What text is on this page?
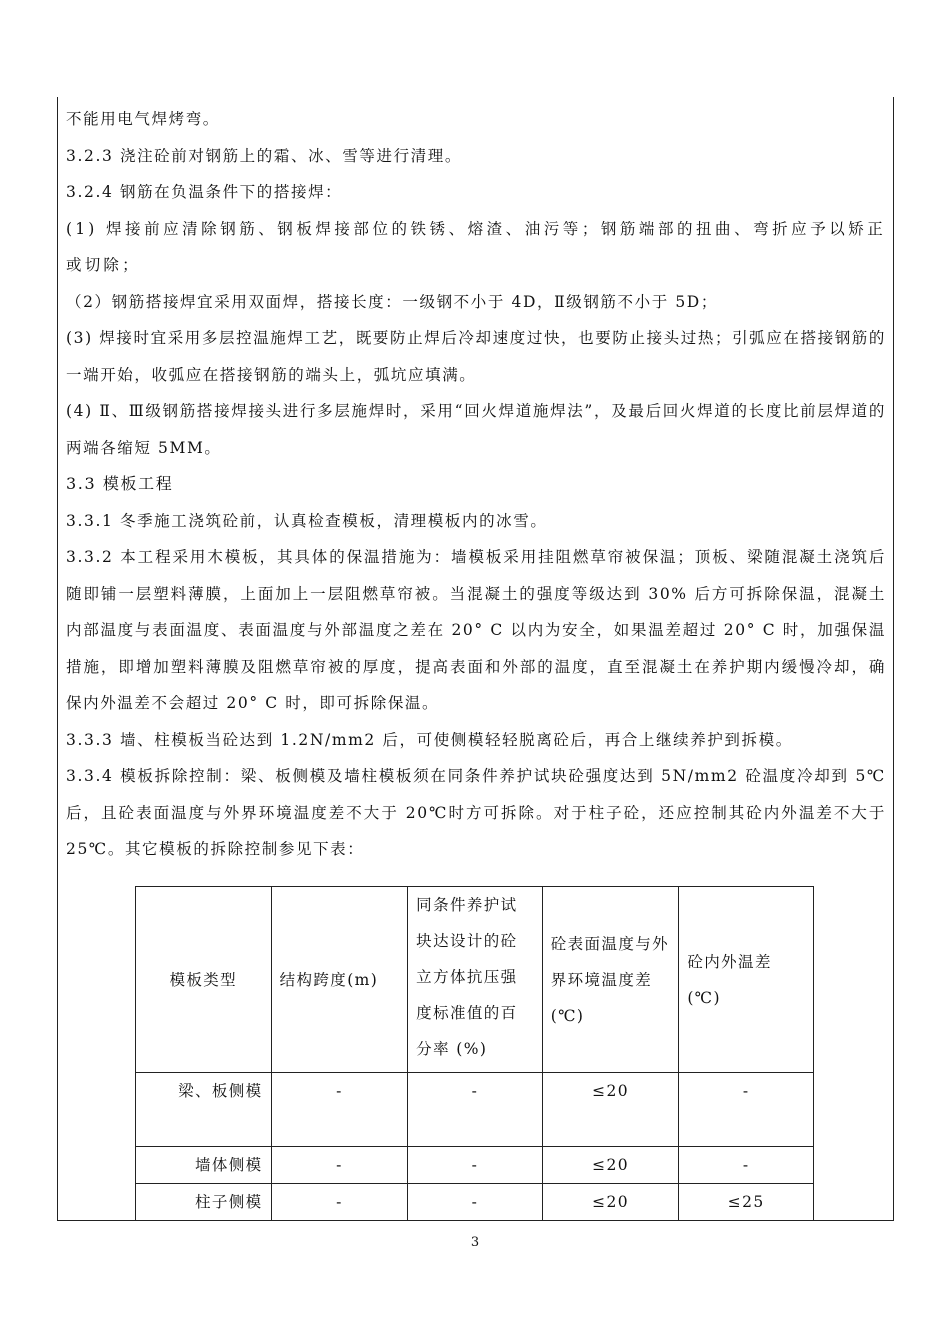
不能用电气焊烤弯。

3.2.3 浇注砼前对钢筋上的霜、冰、雪等进行清理。

3.2.4 钢筋在负温条件下的搭接焊：

(1) 焊接前应清除钢筋、钢板焊接部位的铁锈、熔渣、油污等；钢筋端部的扭曲、弯折应予以矫正或切除；

（2）钢筋搭接焊宜采用双面焊，搭接长度：一级钢不小于 4D，Ⅱ级钢筋不小于 5D；

(3) 焊接时宜采用多层控温施焊工艺，既要防止焊后冷却速度过快，也要防止接头过热；引弧应在搭接钢筋的一端开始，收弧应在搭接钢筋的端头上，弧坑应填满。

(4) Ⅱ、Ⅲ级钢筋搭接焊接头进行多层施焊时，采用“回火焊道施焊法”，及最后回火焊道的长度比前层焊道的两端各缩短 5MM。

3.3 模板工程

3.3.1 冬季施工浇筑砼前，认真检查模板，清理模板内的冰雪。

3.3.2 本工程采用木模板，其具体的保温措施为：墙模板采用挂阻燃草帘被保温；顶板、梁随混凝土浇筑后随即铺一层塑料薄膜，上面加上一层阻燃草帘被。当混凝土的强度等级达到 30% 后方可拆除保温，混凝土内部温度与表面温度、表面温度与外部温度之差在 20° C 以内为安全，如果温差超过 20° C 时，加强保温措施，即增加塑料薄膜及阻燃草帘被的厚度，提高表面和外部的温度，直至混凝土在养护期内缓慢冷却，确保内外温差不会超过 20° C 时，即可拆除保温。

3.3.3 墙、柱模板当砼达到 1.2N/mm2 后，可使侧模轻轻脱离砼后，再合上继续养护到拆模。

3.3.4 模板拆除控制：梁、板侧模及墙柱模板须在同条件养护试块砼强度达到 5N/mm2 砼温度冷却到 5℃后，且砼表面温度与外界环境温度差不大于 20℃时方可拆除。对于柱子砼，还应控制其砼内外温差不大于 25℃。其它模板的拆除控制参见下表：

模板类型	结构跨度(m)	同条件养护试块达设计的砼立方体抗压强度标准值的百分率 (%)	砼表面温度与外界环境温度差(℃)	砼内外温差(℃)
梁、板侧模	-	-	≤20	-
墙体侧模	-	-	≤20	-
柱子侧模	-	-	≤20	≤25
3
